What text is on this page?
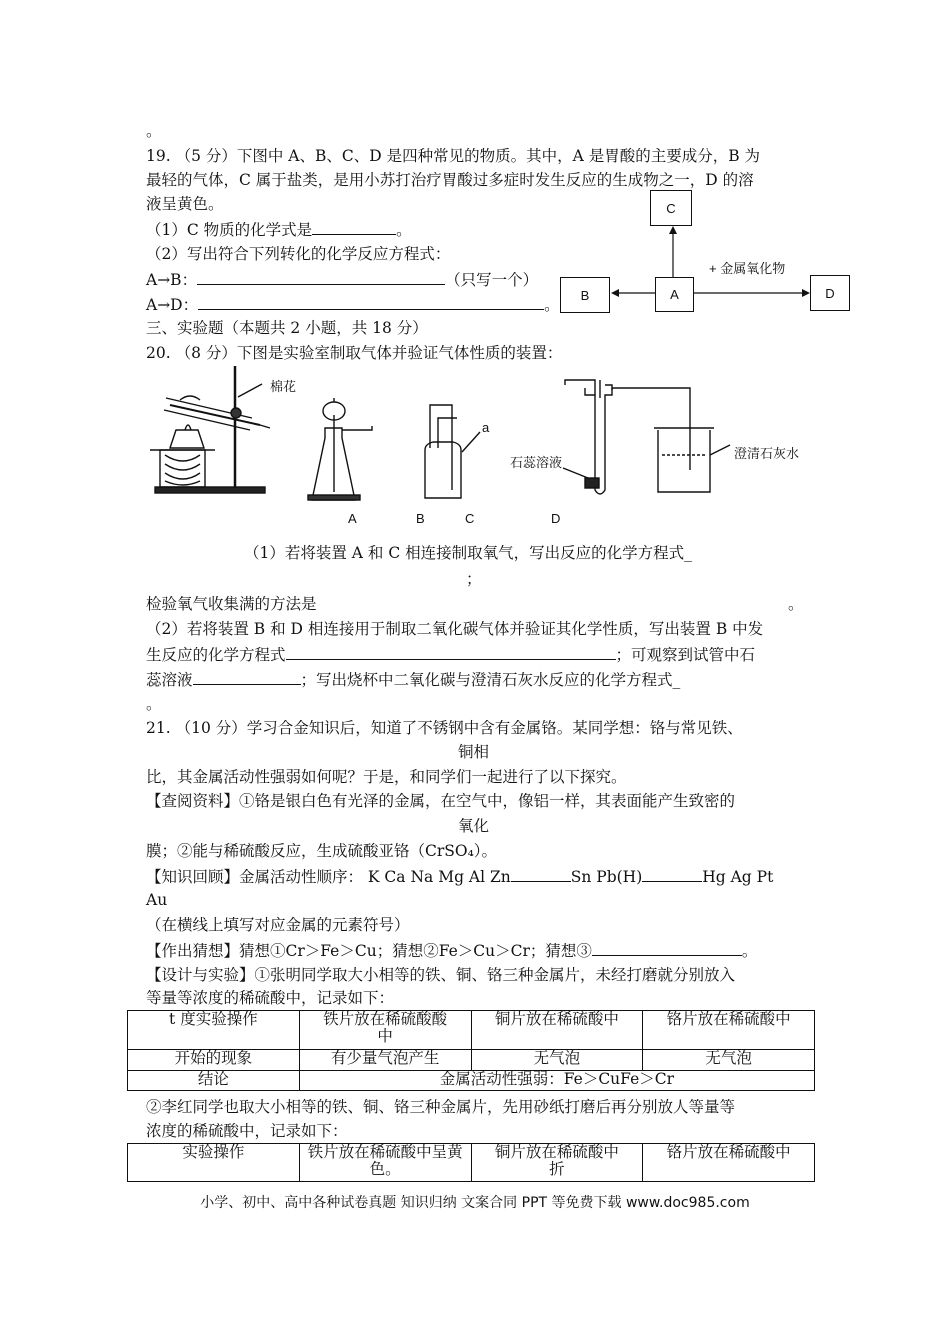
。
19. （5 分）下图中 A、B、C、D 是四种常见的物质。其中，A 是胃酸的主要成分，B 为
最轻的气体，C 属于盐类，是用小苏打治疗胃酸过多症时发生反应的生成物之一，D 的溶
液呈黄色。
（1）C 物质的化学式是	。
（2）写出符合下列转化的化学反应方程式：
A→B：	（只写一个）
A→D：	。
C
B	A	D
+ 金属氧化物
三、实验题（本题共 2 小题，共 18 分）
20. （8 分）下图是实验室制取气体并验证气体性质的装置：
棉花
a
石蕊溶液
澄清石灰水
A	B	C	D
（1）若将装置 A 和 C 相连接制取氧气，写出反应的化学方程式_
；
检验氧气收集满的方法是	。
（2）若将装置 B 和 D 相连接用于制取二氧化碳气体并验证其化学性质，写出装置 B 中发
生反应的化学方程式	；可观察到试管中石
蕊溶液	；写出烧杯中二氧化碳与澄清石灰水反应的化学方程式_
。
21. （10 分）学习合金知识后，知道了不锈钢中含有金属铬。某同学想：铬与常见铁、
铜相
比，其金属活动性强弱如何呢？于是，和同学们一起进行了以下探究。
【查阅资料】①铬是银白色有光泽的金属，在空气中，像铝一样，其表面能产生致密的
氧化
膜；②能与稀硫酸反应，生成硫酸亚铬（CrSO₄）。
【知识回顾】金属活动性顺序： K Ca Na Mg Al Zn	Sn Pb(H)	Hg Ag Pt
Au
（在横线上填写对应金属的元素符号）
【作出猜想】猜想①Cr＞Fe＞Cu；猜想②Fe＞Cu＞Cr；猜想③	。
【设计与实验】①张明同学取大小相等的铁、铜、铬三种金属片，未经打磨就分别放入
等量等浓度的稀硫酸中，记录如下：
t 度实验操作	铁片放在稀硫酸酸
中	铜片放在稀硫酸中	铬片放在稀硫酸中
开始的现象	有少量气泡产生	无气泡	无气泡
结论	金属活动性强弱：Fe＞CuFe＞Cr		
②李红同学也取大小相等的铁、铜、铬三种金属片，先用砂纸打磨后再分别放人等量等
浓度的稀硫酸中，记录如下：
实验操作	铁片放在稀硫酸中呈黄
色。	铜片放在稀硫酸中
折	铬片放在稀硫酸中
小学、初中、高中各种试卷真题 知识归纳 文案合同 PPT 等免费下载 www.doc985.com
